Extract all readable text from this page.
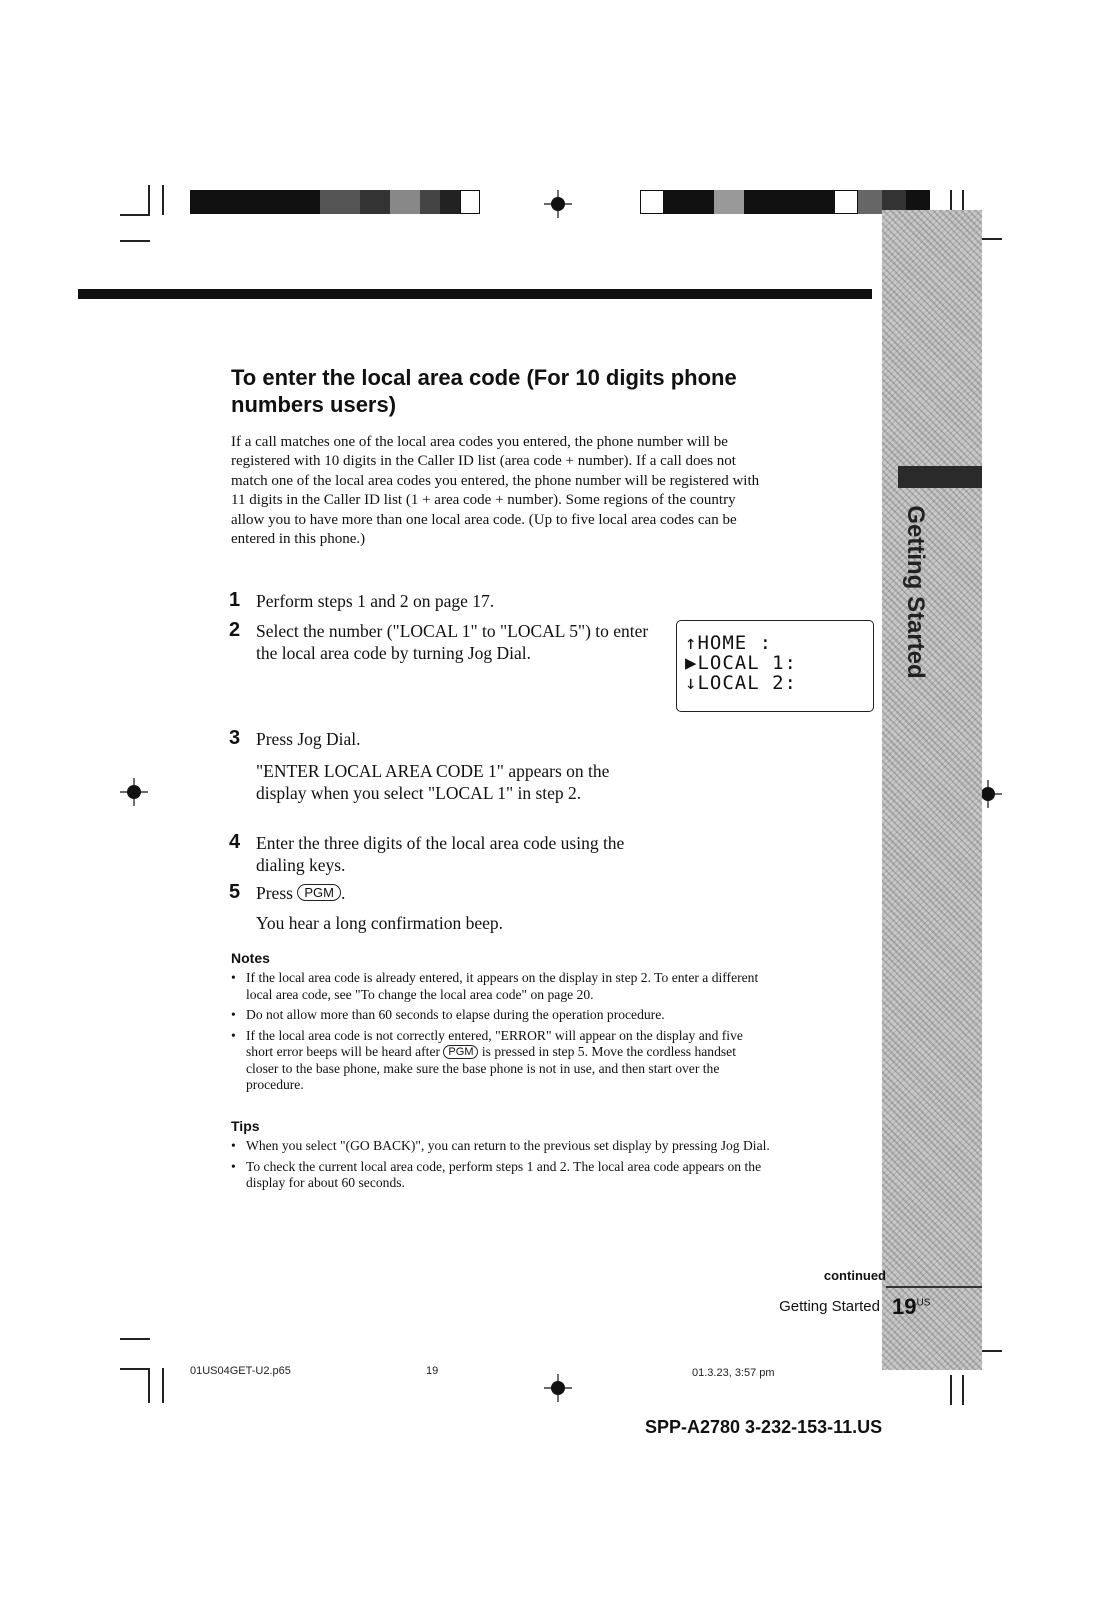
Getting Started
To enter the local area code (For 10 digits phone numbers users)

If a call matches one of the local area codes you entered, the phone number will be registered with 10 digits in the Caller ID list (area code + number). If a call does not match one of the local area codes you entered, the phone number will be registered with 11 digits in the Caller ID list (1 + area code + number). Some regions of the country allow you to have more than one local area code. (Up to five local area codes can be entered in this phone.)

1 Perform steps 1 and 2 on page 17.
2 Select the number ("LOCAL 1" to "LOCAL 5") to enter the local area code by turning Jog Dial.	↑HOME :
▶LOCAL 1:
↓LOCAL 2:
3 Press Jog Dial.
"ENTER LOCAL AREA CODE 1" appears on the display when you select "LOCAL 1" in step 2.
4 Enter the three digits of the local area code using the dialing keys.
5 Press PGM .
You hear a long confirmation beep.
Notes
• If the local area code is already entered, it appears on the display in step 2. To enter a different local area code, see "To change the local area code" on page 20.
• Do not allow more than 60 seconds to elapse during the operation procedure.
• If the local area code is not correctly entered, "ERROR" will appear on the display and five short error beeps will be heard after PGM is pressed in step 5. Move the cordless handset closer to the base phone, make sure the base phone is not in use, and then start over the procedure.
Tips
• When you select "(GO BACK)", you can return to the previous set display by pressing Jog Dial.
• To check the current local area code, perform steps 1 and 2. The local area code appears on the display for about 60 seconds.
continued
Getting Started $19^{US}$
01US04GET-U2.p65	19	01.3.23, 3:57 pm
SPP-A2780 3-232-153-11.US
